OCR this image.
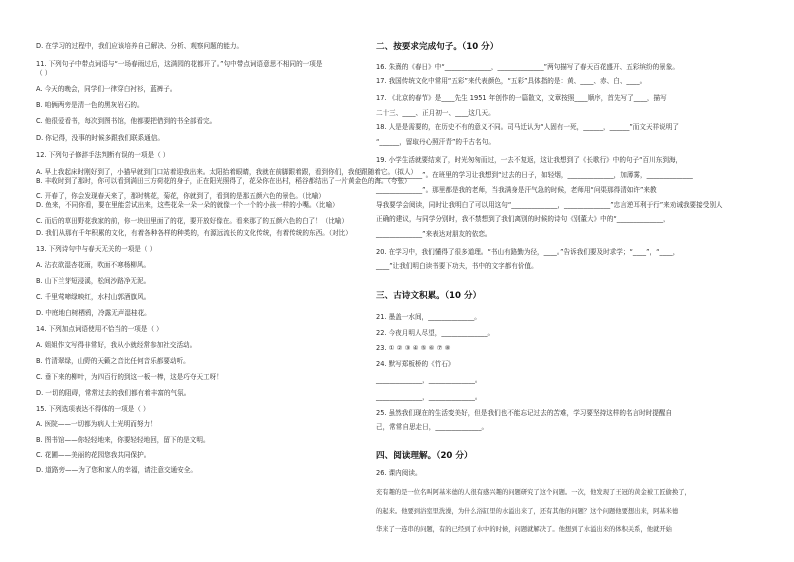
D. 在学习的过程中，我们应该培养自己解决、分析、观察问题的能力。
11. 下列句子中带点词语与“一场春雨过后，这满园的花都开了。”句中带点词语意思不相同的一项是
（ ）
A. 今天的晚会，同学们一律穿白衬衫，蓝裤子。
B. 咱俩两旁是清一色的黑灰岩石的。
C. 他很爱看书，每次到图书馆，他都要把借到的书全部看完。
D. 你记得，没事的时候多跟我们联系通信。
12. 下列句子修辞手法判断有误的一项是（ ）
A. 早上我起床时刚好到了，小猫早就到门口站着迎我出来。太阳抬着眼睛，我就在前脚跟着跟，看到你们，我便跟随着它。（拟人）
B. 丰收时到了那时，你可以看到满田三方荷花的身子，正在阳光照得了，花朵你在出村，稻谷都结出了一片黄金色的海。（夸张）
C. 开春了，你会发现春天来了，那时桃花，菊花，你就到了，看到的是那五颜六色的景色。（比喻）
D. 鱼来，不同你看，要在里能尝试出来，这些花朵一朵一朵的就像一个一个的小孩一样的小嘴。（比喻）
C. 而后的草田野花我家的前，你一块田里面了的花，要开放好像在。看来那了的五颜六色的白了！（比喻）
D. 我们从那有千年积累的文化，有着各种各样的种类的，有源远流长的文化传统，有着传统的东西。（对比）
13. 下列诗句中与春天无关的一项是（ ）
A. 沾衣欲湿杏花雨，吹面不寒杨柳风。
B. 山下兰芽短浸溪，松间沙路净无泥。
C. 千里莺啼绿映红，水村山郭酒旗风。
D. 中庭地白树栖鸦，冷露无声湿桂花。
14. 下列加点词语使用不恰当的一项是（ ）
A. 姐姐作文写得非常好，我从小就经常参加社交活动。
B. 竹清翠绿，山野的天籁之音比任何音乐都要动听。
C. 垂下来的柳叶，为四百行的到这一板一棒，这是巧夺天工呀！
D. 一切的阻碍，常常过去的我们都有着丰富的气氛。
15. 下列选项表达不得体的一项是（ ）
A. 医院——一切都为病人士光明而努力！
B. 图书馆——你轻轻地来，你要轻轻地回，留下的是文明。
C. 花圃——美丽的花园您我共同保护。
D. 道路旁——为了您和家人的幸福，请注意交通安全。
二、按要求完成句子。（10 分）
16. 朱熹的《春日》中“______________，______________”两句描写了春天百花盛开、五彩缤纷的景象。
17. 我国传统文化中常用“五彩”来代表颜色，“五彩”具体指的是：黄、____、赤、白、____。
17. 《北京的春节》是____先生 1951 年创作的一篇散文，文章按照____顺序，首先写了____，描写
二十三、____、正月初一、____这几天。
18. 人是是需要的，在历史不有的意义不同。司马迁认为“人固有一死，______，______”而文天祥说明了
“______，留取丹心照汗青”的千古名句。
19. 小学生活就要结束了，时光匆匆而过，一去不复返，这让我想到了《长歌行》中的句子“百川东到海，
______________”。在班里的学习让我想到“过去的日子，如轻烟，______________，加薄雾，______________
______________”。那里都是我的老师，当我满身是汗气急的时候，老师用“问渠那得清如许”来教
导我要学会阅读，同时让我明白了可以用这句“______________，______________”忠言逆耳利于行”来劝诫我要接受别人
正确的建议，与同学分别时，我不禁想到了我们离别的时候的诗句《别董大》中的“______________，
______________”来表达对朋友的依恋。
20. 在学习中，我们懂得了很多道理。“书山有路勤为径，____。”告诉我们要及时求学；“____”，“____，
____”让我们明白读书要下功夫，书中的文字都有价值。
三、古诗文积累。（10 分）
21. 墨盖一水间，______________。
22. 今夜月明人尽望，______________。
23. ① ② ③ ④ ⑤ ⑥ ⑦ ⑧
24. 默写郑板桥的《竹石》
______________，______________。
______________，______________。
25. 虽然我们现在的生活变美好，但是我们也不能忘记过去的苦难，学习要坚持这样的名言时时提醒自
己，常常自思走日，______________。
四、阅读理解。（20 分）
26. 课内阅读。
充有趣的是一位名叫阿基米德的人很有感兴趣的问题研究了这个问题。一次，他发现了王冠的黄金被工匠偷换了，
的起来。他要到浴室里洗澡，为什么浴缸里的水溢出来了，还有其他的问题？这个问题他要想出来，阿基米德
华来了一连串的问题，有的已经到了水中的时候，问题就解决了。他想到了水溢出来的体积关系，他就开始
